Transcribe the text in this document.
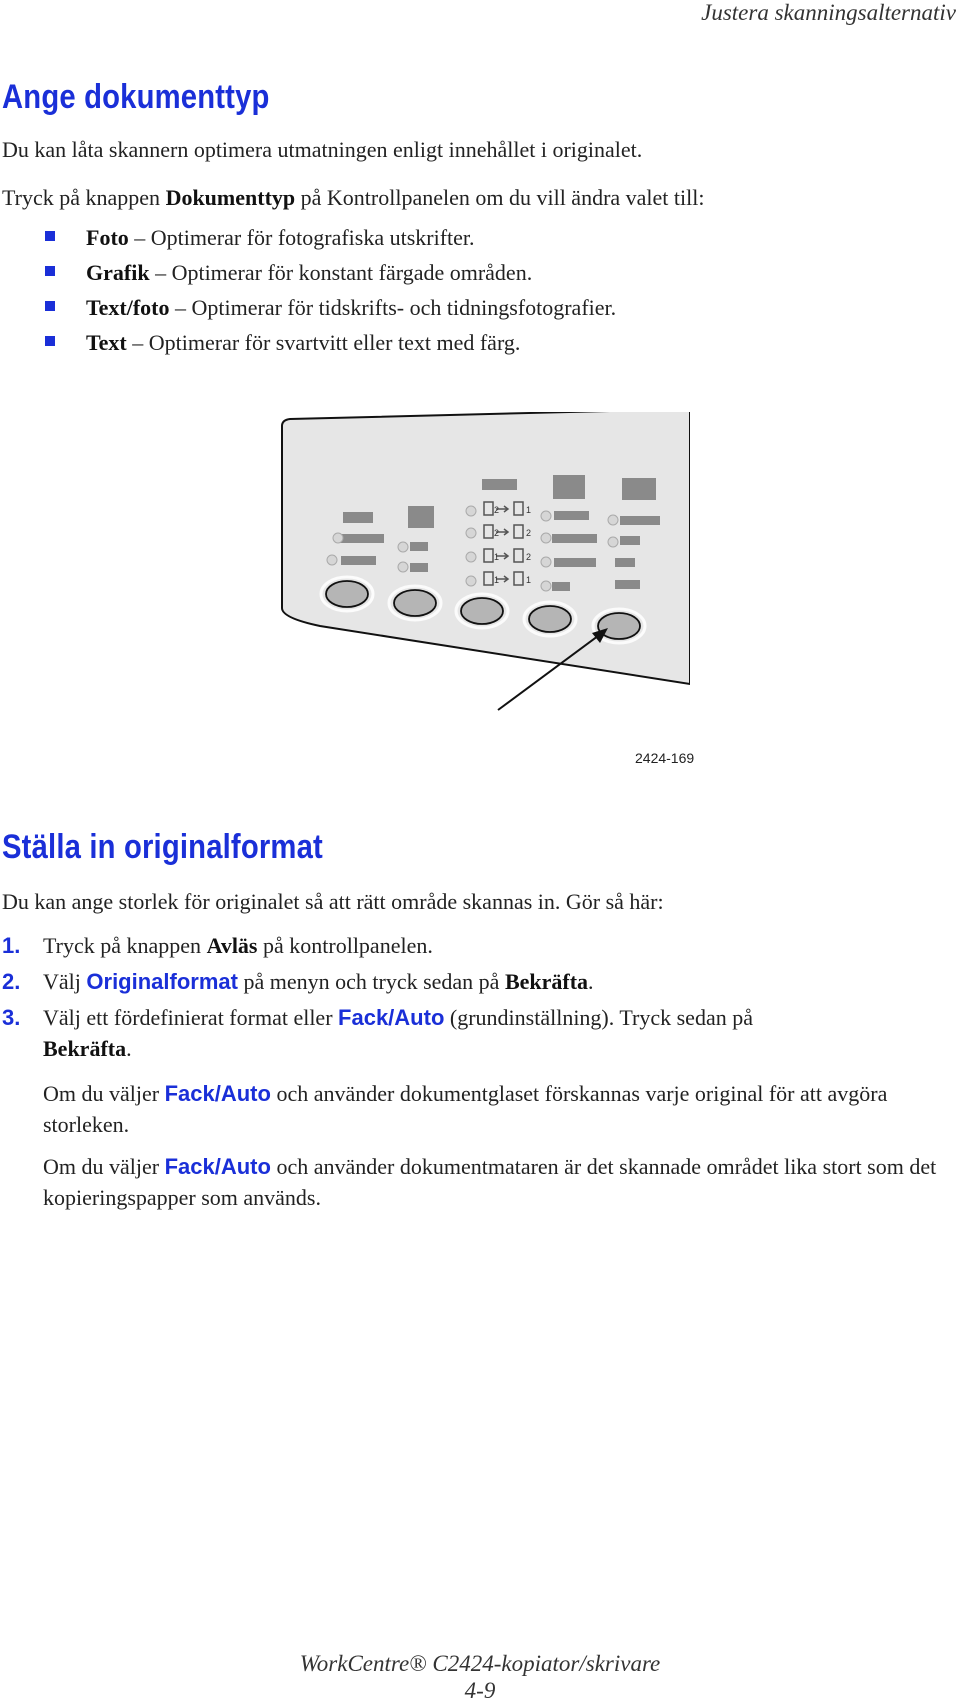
Justera skanningsalternativ
Ange dokumenttyp

Du kan låta skannern optimera utmatningen enligt innehållet i originalet.

Tryck på knappen Dokumenttyp på Kontrollpanelen om du vill ändra valet till:

Foto – Optimerar för fotografiska utskrifter.
Grafik – Optimerar för konstant färgade områden.
Text/foto – Optimerar för tidskrifts- och tidningsfotografier.
Text – Optimerar för svartvitt eller text med färg.
2	1
2	2
1	2
1	1
2424-169
Ställa in originalformat

Du kan ange storlek för originalet så att rätt område skannas in. Gör så här:

1. Tryck på knappen Avläs på kontrollpanelen.
2. Välj Originalformat på menyn och tryck sedan på Bekräfta.
3. Välj ett fördefinierat format eller Fack/Auto (grundinställning). Tryck sedan på Bekräfta.

Om du väljer Fack/Auto och använder dokumentglaset förskannas varje original för att avgöra storleken.

Om du väljer Fack/Auto och använder dokumentmataren är det skannade området lika stort som det kopieringspapper som används.

WorkCentre® C2424-kopiator/skrivare
4-9
